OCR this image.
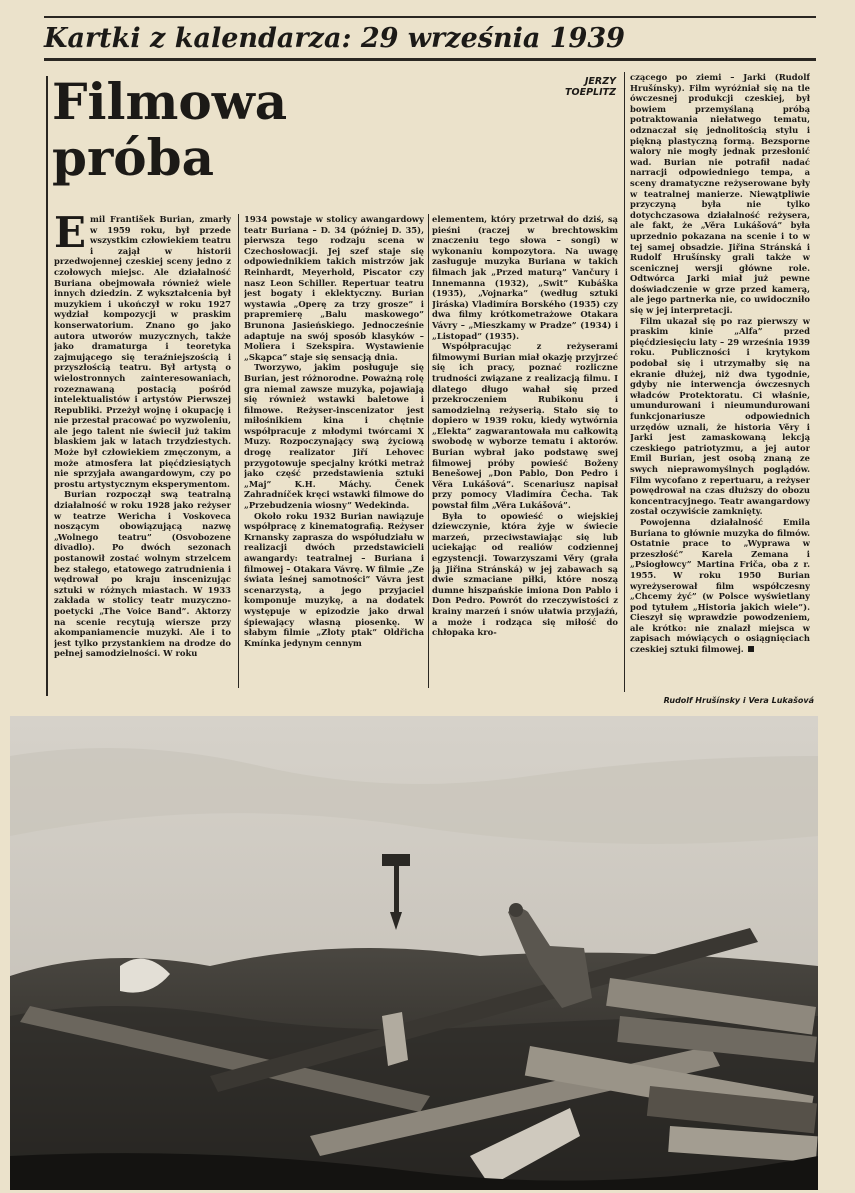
Kartki z kalendarza: 29 września 1939
Filmowa
próba
JERZY
TOEPLITZ

Emil František Burian, zmarły w 1959 roku, był przede wszystkim człowiekiem teatru i zajął w historii przedwojennej czeskiej sceny jedno z czołowych miejsc. Ale działalność Buriana obejmowała również wiele innych dziedzin. Z wykształcenia był muzykiem i ukończył w roku 1927 wydział kompozycji w praskim konserwatorium. Znano go jako autora utworów muzycznych, także jako dramaturga i teoretyka zajmującego się teraźniejszością i przyszłością teatru. Był artystą o wielostronnych zainteresowaniach, rozeznawaną postacią pośród intelektualistów i artystów Pierwszej Republiki. Przeżył wojnę i okupację i nie przestał pracować po wyzwoleniu, ale jego talent nie świecił już takim blaskiem jak w latach trzydziestych. Może był człowiekiem zmęczonym, a może atmosfera lat pięćdziesiątych nie sprzyjała awangardowym, czy po prostu artystycznym eksperymentom.

Burian rozpoczął swą teatralną działalność w roku 1928 jako reżyser w teatrze Wericha i Voskoveca noszącym obowiązującą nazwę „Wolnego teatru” (Osvobozene divadlo). Po dwóch sezonach postanowił zostać wolnym strzelcem bez stałego, etatowego zatrudnienia i wędrował po kraju inscenizując sztuki w różnych miastach. W 1933 zakłada w stolicy teatr muzyczno-poetycki „The Voice Band”. Aktorzy na scenie recytują wiersze przy akompaniamencie muzyki. Ale i to jest tylko przystankiem na drodze do pełnej samodzielności. W roku

1934 powstaje w stolicy awangardowy teatr Buriana – D. 34 (później D. 35), pierwsza tego rodzaju scena w Czechosłowacji. Jej szef staje się odpowiednikiem takich mistrzów jak Reinhardt, Meyerhold, Piscator czy nasz Leon Schiller. Repertuar teatru jest bogaty i eklektyczny. Burian wystawia „Operę za trzy grosze” i prapremierę „Balu maskowego” Brunona Jasieńskiego. Jednocześnie adaptuje na swój sposób klasyków – Moliera i Szekspira. Wystawienie „Skąpca” staje się sensacją dnia.

Tworzywo, jakim posługuje się Burian, jest różnorodne. Poważną rolę gra niemal zawsze muzyka, pojawiają się również wstawki baletowe i filmowe. Reżyser-inscenizator jest miłośnikiem kina i chętnie współpracuje z młodymi twórcami X Muzy. Rozpoczynający swą życiową drogę realizator Jiří Lehovec przygotowuje specjalny krótki metraż jako część przedstawienia sztuki „Maj” K.H. Máchy. Čenek Zahradníček kręci wstawki filmowe do „Przebudzenia wiosny” Wedekinda.

Około roku 1932 Burian nawiązuje współpracę z kinematografią. Reżyser Krnansky zaprasza do współudziału w realizacji dwóch przedstawicieli awangardy: teatralnej – Buriana i filmowej – Otakara Vávrę. W filmie „Ze świata leśnej samotności” Vávra jest scenarzystą, a jego przyjaciel komponuje muzykę, a na dodatek występuje w epizodzie jako drwal śpiewający własną piosenkę. W słabym filmie „Złoty ptak” Oldřicha Kmínka jedynym cennym

elementem, który przetrwał do dziś, są pieśni (raczej w brechtowskim znaczeniu tego słowa – songi) w wykonaniu kompozytora. Na uwagę zasługuje muzyka Buriana w takich filmach jak „Przed maturą” Vančury i Innemanna (1932), „Swit” Kubáška (1935), „Vojnarka” (według sztuki Jiráska) Vladimíra Borského (1935) czy dwa filmy krótkometrażowe Otakara Vávry – „Mieszkamy w Pradze” (1934) i „Listopad” (1935).

Współpracując z reżyserami filmowymi Burian miał okazję przyjrzeć się ich pracy, poznać rozliczne trudności związane z realizacją filmu. I dlatego długo wahał się przed przekroczeniem Rubikonu i samodzielną reżyserią. Stało się to dopiero w 1939 roku, kiedy wytwórnia „Elekta” zagwarantowała mu całkowitą swobodę w wyborze tematu i aktorów. Burian wybrał jako podstawę swej filmowej próby powieść Boženy Benešowej „Don Pablo, Don Pedro i Věra Lukášová”. Scenariusz napisał przy pomocy Vladimíra Čecha. Tak powstał film „Věra Lukášová”.

Była to opowieść o wiejskiej dziewczynie, która żyje w świecie marzeń, przeciwstawiając się lub uciekając od realiów codziennej egzystencji. Towarzyszami Věry (grała ją Jiřina Stránská) w jej zabawach są dwie szmaciane piłki, które noszą dumne hiszpańskie imiona Don Pablo i Don Pedro. Powrót do rzeczywistości z krainy marzeń i snów ułatwia przyjaźń, a może i rodząca się miłość do chłopaka kro-

czącego po ziemi – Jarki (Rudolf Hrušínsky). Film wyróżniał się na tle ówczesnej produkcji czeskiej, był bowiem przemyślaną próbą potraktowania niełatwego tematu, odznaczał się jednolitością stylu i piękną plastyczną formą. Bezsporne walory nie mogły jednak przesłonić wad. Burian nie potrafił nadać narracji odpowiedniego tempa, a sceny dramatyczne reżyserowane były w teatralnej manierze. Niewątpliwie przyczyną była nie tylko dotychczasowa działalność reżysera, ale fakt, że „Věra Lukášová” była uprzednio pokazana na scenie i to w tej samej obsadzie. Jiřina Stránská i Rudolf Hrušínsky grali także w scenicznej wersji główne role. Odtwórca Jarki miał już pewne doświadczenie w grze przed kamerą, ale jego partnerka nie, co uwidoczniło się w jej interpretacji.

Film ukazał się po raz pierwszy w praskim kinie „Alfa” przed pięćdziesięciu laty – 29 września 1939 roku. Publiczności i krytykom podobał się i utrzymałby się na ekranie dłużej, niż dwa tygodnie, gdyby nie interwencja ówczesnych władców Protektoratu. Ci właśnie, umundurowani i nieumundurowani funkcjonariusze odpowiednich urzędów uznali, że historia Věry i Jarki jest zamaskowaną lekcją czeskiego patriotyzmu, a jej autor Emil Burian, jest osobą znaną ze swych nieprawomyślnych poglądów. Film wycofano z repertuaru, a reżyser powędrował na czas dłuższy do obozu koncentracyjnego. Teatr awangardowy został oczywiście zamknięty.

Powojenna działalność Emila Buriana to głównie muzyka do filmów. Ostatnie prace to „Wyprawa w przeszłość” Karela Zemana i „Psiogłowcy” Martina Friča, oba z r. 1955. W roku 1950 Burian wyreżyserował film współczesny „Chcemy żyć” (w Polsce wyświetlany pod tytułem „Historia jakich wiele”). Cieszył się wprawdzie powodzeniem, ale krótko: nie znalazł miejsca w zapisach mówiących o osiągnięciach czeskiej sztuki filmowej.

Rudolf Hrušínsky i Vera Lukašová
